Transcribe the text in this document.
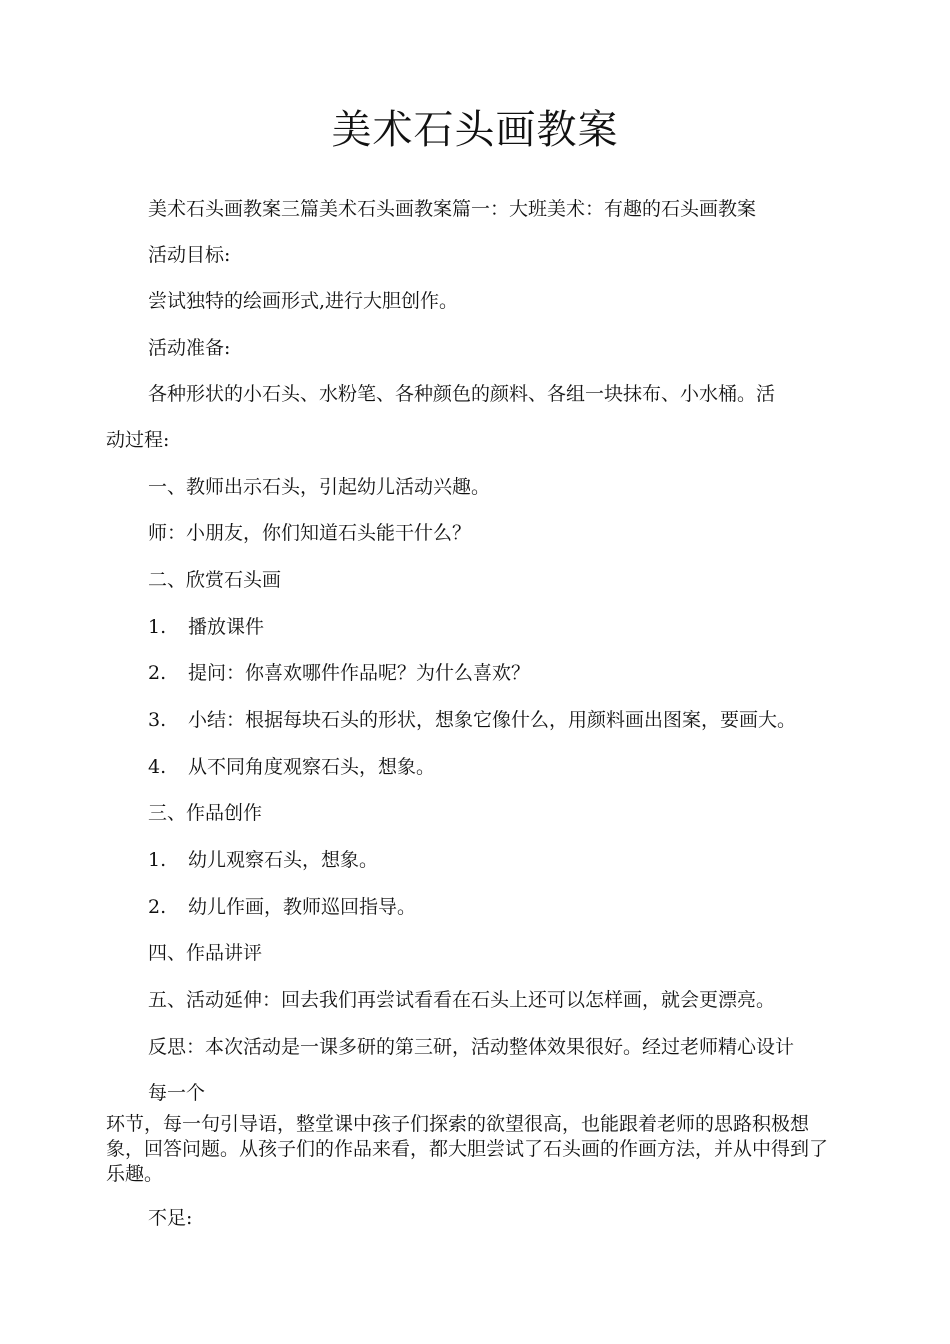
美术石头画教案
美术石头画教案三篇美术石头画教案篇一：大班美术：有趣的石头画教案
活动目标:
尝试独特的绘画形式,进行大胆创作。
活动准备:
各种形状的小石头、水粉笔、各种颜色的颜料、各组一块抹布、小水桶。活
动过程:
一、教师出示石头，引起幼儿活动兴趣。
师：小朋友，你们知道石头能干什么？
二、欣赏石头画
1. 播放课件
2. 提问：你喜欢哪件作品呢？为什么喜欢？
3. 小结：根据每块石头的形状，想象它像什么，用颜料画出图案，要画大。
4. 从不同角度观察石头，想象。
三、作品创作
1. 幼儿观察石头，想象。
2. 幼儿作画，教师巡回指导。
四、作品讲评
五、活动延伸：回去我们再尝试看看在石头上还可以怎样画，就会更漂亮。
反思：本次活动是一课多研的第三研，活动整体效果很好。经过老师精心设计
每一个
环节，每一句引导语，整堂课中孩子们探索的欲望很高，也能跟着老师的思路积极想象，回答问题。从孩子们的作品来看，都大胆尝试了石头画的作画方法，并从中得到了乐趣。
不足:
